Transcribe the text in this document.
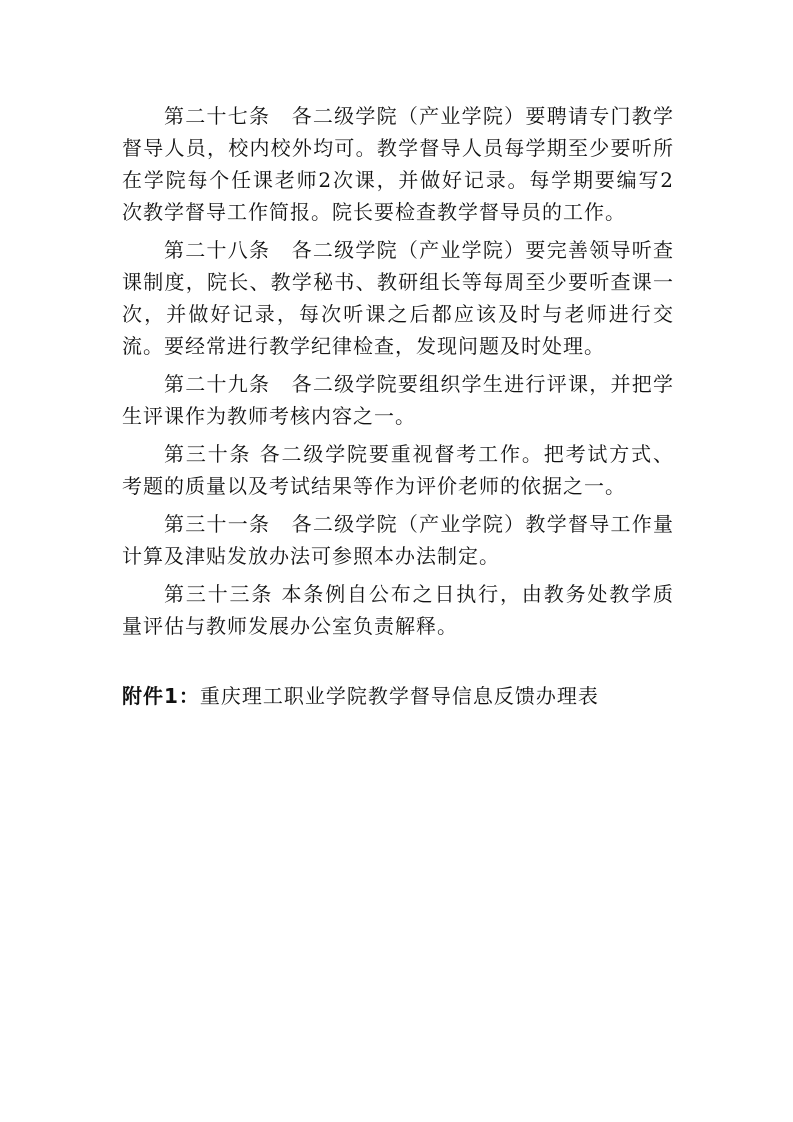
第二十七条　各二级学院（产业学院）要聘请专门教学督导人员，校内校外均可。教学督导人员每学期至少要听所在学院每个任课老师2次课，并做好记录。每学期要编写2次教学督导工作简报。院长要检查教学督导员的工作。

第二十八条　各二级学院（产业学院）要完善领导听查课制度，院长、教学秘书、教研组长等每周至少要听查课一次，并做好记录，每次听课之后都应该及时与老师进行交流。要经常进行教学纪律检查，发现问题及时处理。

第二十九条　各二级学院要组织学生进行评课，并把学生评课作为教师考核内容之一。

第三十条 各二级学院要重视督考工作。把考试方式、考题的质量以及考试结果等作为评价老师的依据之一。

第三十一条　各二级学院（产业学院）教学督导工作量计算及津贴发放办法可参照本办法制定。

第三十三条 本条例自公布之日执行，由教务处教学质量评估与教师发展办公室负责解释。

附件1：重庆理工职业学院教学督导信息反馈办理表
